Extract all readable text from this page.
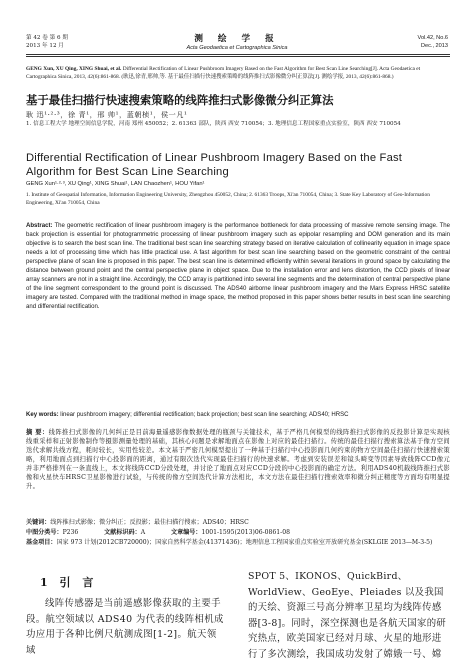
第 42 卷 第 6 期
2013 年 12 月
测 绘 学 报
Acta Geodaetica et Cartographica Sinica
Vol.42, No.6
Dec., 2013
GENG Xun, XU Qing, XING Shuai, et al. Differential Rectification of Linear Pushbroom Imagery Based on the Fast Algorithm for Best Scan Line Searching[J]. Acta Geodaetica et Cartographica Sinica, 2013, 42(6):861-868. (耿迅,徐青,邢帅,等. 基于最佳扫描行快速搜索策略的线阵推扫式影像微分纠正算法[J]. 测绘学报, 2013, 42(6):861-868.)
基于最佳扫描行快速搜索策略的线阵推扫式影像微分纠正算法
耿 迅¹·²·³，徐 青¹，邢 帅¹，蓝朝桢¹，侯一凡¹
1. 信息工程大学 地理空间信息学院，河南 郑州 450052；2. 61363 部队，陕西 西安 710054；3. 地理信息工程国家重点实验室，陕西 西安 710054
Differential Rectification of Linear Pushbroom Imagery Based on the Fast Algorithm for Best Scan Line Searching
GENG Xun¹·²·³, XU Qing¹, XING Shuai¹, LAN Chaozhen¹, HOU Yifan¹
1. Institute of Geospatial Information, Information Engineering University, Zhengzhou 450052, China; 2. 61363 Troops, Xi'an 710054, China; 3. State Key Laboratory of Geo-Information Engineering, Xi'an 710054, China
Abstract: The geometric rectification of linear pushbroom imagery is the performance bottleneck for data processing of massive remote sensing image. The back projection is essential for photogrammetric processing of linear pushbroom imagery such as epipolar resampling and DOM generation and its main objective is to search the best scan line. The traditional best scan line searching strategy based on iterative calculation of collinearity equation in image space needs a lot of processing time which has little practical use. A fast algorithm for best scan line searching based on the geometric constraint of the central perspective plane of scan line is proposed in this paper. The best scan line is determined efficiently within several iterations in ground space by calculating the distance between ground point and the central perspective plane in object space. Due to the installation error and lens distortion, the CCD pixels of linear array scanners are not in a straight line. Accordingly, the CCD array is partitioned into several line segments and the determination of central perspective plane of the line segment correspondent to the ground point is discussed. The ADS40 airborne linear pushbroom imagery and the Mars Express HRSC satellite imagery are tested. Compared with the traditional method in image space, the method proposed in this paper shows better results in best scan line searching and differential rectification.
Key words: linear pushbroom imagery; differential rectification; back projection; best scan line searching; ADS40; HRSC
摘 要：线阵推扫式影像的几何纠正是目前海量遥感影像数据处理的瓶颈与关键技术，基于严格几何模型的线阵推扫式影像的反投影计算是实现核线重采样和正射影像制作等摄影测量处理的基础，其核心问题是求解地面点在影像上对应的最佳扫描行。传统的最佳扫描行搜索算法基于像方空间迭代求解共线方程，耗时较长，实用性较差。本文基于严密几何模型提出了一种基于扫描行中心投影面几何约束的物方空间最佳扫描行快速搜索策略，利用地面点到扫描行中心投影面的距离，通过有限次迭代实现最佳扫描行的快速求解。考虑到安装误差和镜头畸变等因素导致线阵CCD像元并非严格排列在一条直线上，本文将线阵CCD分段处理，并讨论了地面点对应CCD分段的中心投影面的确定方法。利用ADS40机载线阵推扫式影像和火星快车HRSC卫星影像进行试验，与传统的像方空间迭代计算方法相比，本文方法在最佳扫描行搜索效率和微分纠正精度等方面均有明显提升。
关键词：线阵推扫式影像；微分纠正；反投影；最佳扫描行搜索；ADS40；HRSC
中图分类号：P236	文献标识码：A	文章编号：1001-1595(2013)06-0861-08
基金项目：国家 973 计划(2012CB720000)；国家自然科学基金(41371436)；地理信息工程国家重点实验室开放研究基金(SKLGIE 2013—M-3-5)
1 引 言
线阵传感器是当前遥感影像获取的主要手段。航空领域以 ADS40 为代表的线阵相机成功应用于各种比例尺航测成图[1-2]。航天领域
SPOT 5、IKONOS、QuickBird、WorldView、GeoEye、Pleiades 以及我国的天绘、资源三号高分辨率卫星均为线阵传感器[3-8]。同时，深空探测也是各航天国家的研究热点，欧美国家已经对月球、火星的地形进行了多次测绘，我国成功发射了嫦娥一号、嫦
